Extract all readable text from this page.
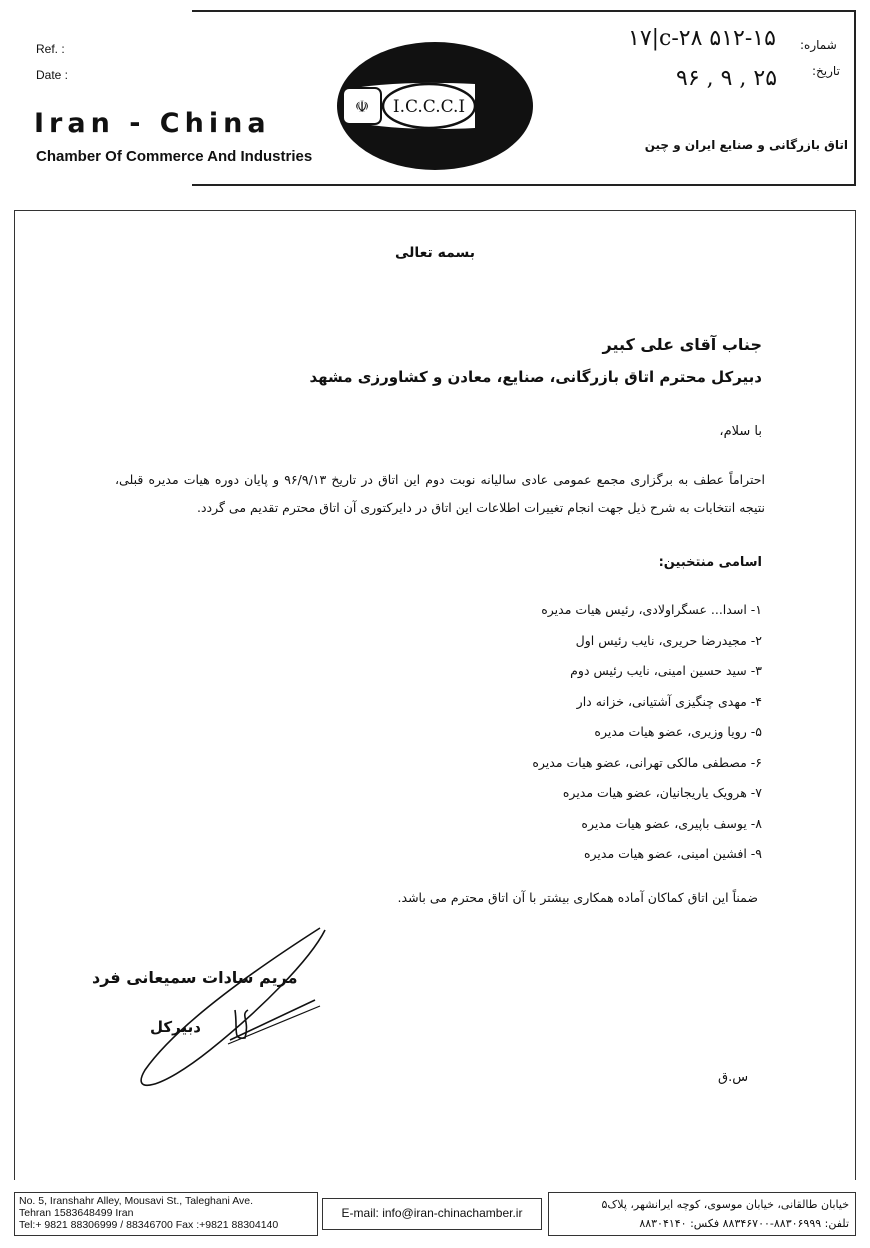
Ref. :
Date :
Iran - China
Chamber Of Commerce And Industries
☫ I.C.C.C.I
شماره:
۱۷|c-۲۸ ۵۱۲-۱۵
تاریخ:
۹۶ , ۹ , ۲۵
اتاق بازرگانی و صنایع ایران و چین
بسمه تعالی
جناب آقای علی کبیر
دبیرکل محترم اتاق بازرگانی، صنایع، معادن و کشاورزی مشهد
با سلام،
احتراماً عطف به برگزاری مجمع عمومی عادی سالیانه نوبت دوم این اتاق در تاریخ ۹۶/۹/۱۳ و پایان دوره هیات مدیره قبلی، نتیجه انتخابات به شرح ذیل جهت انجام تغییرات اطلاعات این اتاق در دایرکتوری آن اتاق محترم تقدیم می گردد.
اسامی منتخبین:
۱- اسدا... عسگراولادی، رئیس هیات مدیره
۲- مجیدرضا حریری، نایب رئیس اول
۳- سید حسین امینی، نایب رئیس دوم
۴- مهدی چنگیزی آشتیانی، خزانه دار
۵- رویا وزیری، عضو هیات مدیره
۶- مصطفی مالکی تهرانی، عضو هیات مدیره
۷- هرویک یاریجانیان، عضو هیات مدیره
۸- یوسف باپیری، عضو هیات مدیره
۹- افشین امینی، عضو هیات مدیره
ضمناً این اتاق کماکان آماده همکاری بیشتر با آن اتاق محترم می باشد.
مریم سادات سمیعانی فرد
دبیرکل
س.ق
No. 5, Iranshahr Alley, Mousavi St., Taleghani Ave.
Tehran 1583648499 Iran
Tel:+ 9821 88306999 / 88346700 Fax :+9821 88304140
E-mail: info@iran-chinachamber.ir
خیابان طالقانی، خیابان موسوی، کوچه ایرانشهر، پلاک۵
تلفن: ۸۸۳۰۶۹۹۹-۸۸۳۴۶۷۰۰ فکس: ۸۸۳۰۴۱۴۰
